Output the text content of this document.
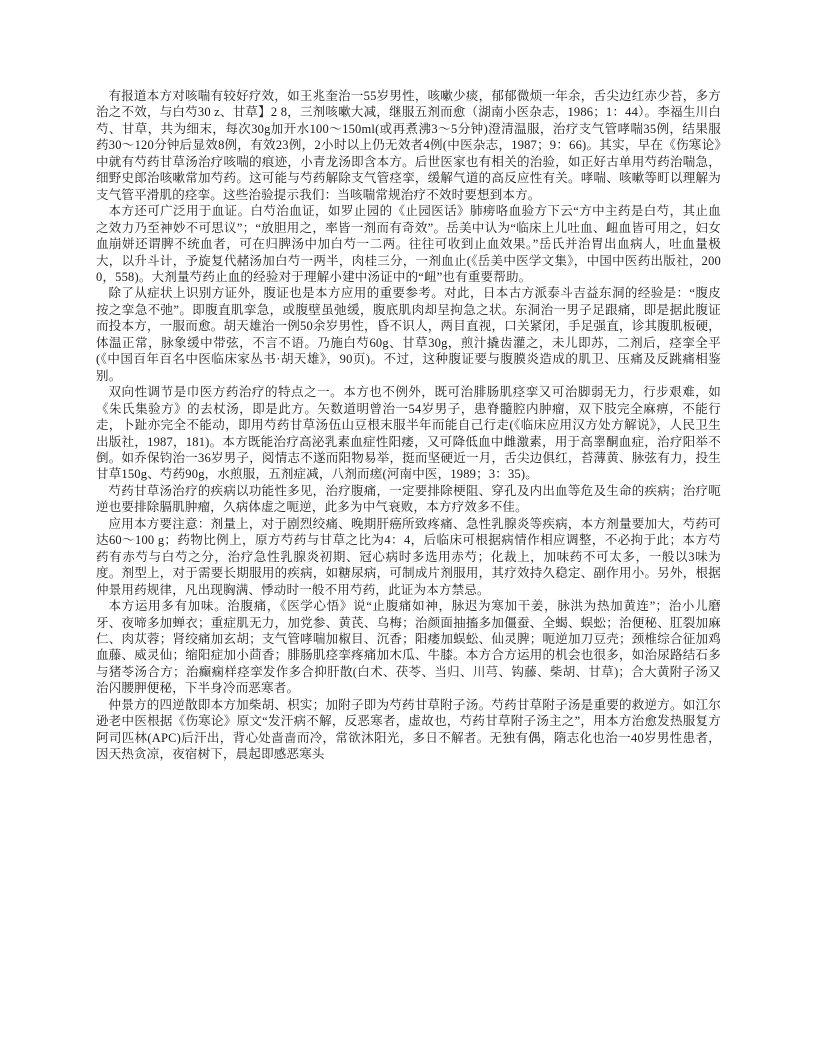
有报道本方对咳喘有较好疗效，如王兆奎治一55岁男性，咳嗽少痰，郁郁微烦一年余，舌尖边红赤少苔，多方治之不效，与白芍30 z、甘草】2 8，三剂咳嗽大减，继服五剂而愈（湖南小医杂志，1986；1：44）。李福生川白芍、甘草，共为细末，每次30g加开水100～150ml(或再煮沸3～5分钟)澄清温服，治疗支气管哮喘35例，结果服药30～120分钟后显效8例，有效23例，2小时以上仍无效者4例(中医杂志，1987；9：66)。其实，早在《伤寒论》中就有芍药甘草汤治疗咳喘的痕迹，小青龙汤即含本方。后世医家也有相关的治验，如正好古单用芍药治喘急，细野史郎治咳嗽常加芍药。这可能与芍药解除支气管痉挛，缓解气道的高反应性有关。哮喘、咳嗽等町以理解为支气管平滑肌的痉挛。这些治验提示我们：当咳喘常规治疗不效时要想到本方。

本方还可广泛用于血证。白芍治血证，如罗止园的《止园医话》肺痨咯血验方下云“方中主药是白芍，其止血之效力乃至神妙不可思议”；“放胆用之，率皆一剂而有奇效”。岳美中认为“临床上儿吐血、衄血皆可用之，妇女血崩姘还谓脾不统血者，可在归脾汤中加白芍一二两。往往可收到止血效果。”岳氏并治胃出血病人，吐血量极大，以升斗计，予旋复代赭汤加白芍一两半，肉桂三分，一剂血止(《岳美中医学文集》，中国中医药出版社，2000，558)。大剂量芍药止血的经验对于理解小建中汤证中的“衄”也有重要帮助。

除了从症状上识别方证外，腹证也是本方应用的重要参考。对此，日本古方派泰斗吉益东洞的经验是：“腹皮按之挛急不弛”。即腹直肌挛急，或腹壁虽弛缓，腹底肌肉却呈拘急之状。东洞治一男子足跟痛，即是据此腹证而投本方，一服而愈。胡天雄治一例50余岁男性，昏不识人，两目直视，口关紧闭，手足强直，诊其腹肌板硬，体温正常，脉象缓中带弦，不言不语。乃施白芍60g、甘草30g，煎汁撬齿灌之，未儿即苏，二剂后，痉挛全平(《中国百年百名中医临床家丛书·胡天雄》，90页)。不过，这种腹证要与腹膜炎造成的肌卫、压痛及反跳痛相鉴别。

双向性调节是巾医方药治疗的特点之一。本方也不例外，既可治腓肠肌痉挛又可治脚弱无力，行步艰难，如《朱氏集验方》的去杖汤，即是此方。矢数道明曾治一54岁男子，患脊髓腔内肿瘤，双下肢完全麻痹，不能行走，卜趾亦完全不能动，即用芍药甘草汤伍山豆根末服半年而能自己行走(《临床应用汉方处方解说》，人民卫生出版社，1987，181)。本方既能治疗高泌乳素血症性阳痿，又可降低血中雌激素，用于高睾酮血症，治疗阳举不倒。如乔保钧治一36岁男子，阅情志不遂而阳物易举，挺而坚硬近一月，舌尖边俱红，苔薄黄、脉弦有力，投生甘草150g、芍药90g，水煎服，五剂症减，八剂而瘥(河南中医，1989；3：35)。

芍药甘草汤治疗的疾病以功能性多见，治疗腹痛，一定要排除梗阻、穿孔及内出血等危及生命的疾病；治疗呃逆也要排除膈肌肿瘤，久病体虚之呃逆，此多为中气衰败，本方疗效多不佳。

应用本方要注意：剂量上，对于剧烈绞痛、晚期肝癌所致疼痛、急性乳腺炎等疾病，本方剂量要加大，芍药可达60～100 g；药物比例上，原方芍药与甘草之比为4：4，后临床可根据病情作相应调整，不必拘于此；本方芍药有赤芍与白芍之分，治疗急性乳腺炎初期、冠心病时多选用赤芍；化裁上，加味药不可太多，一般以3味为度。剂型上，对于需要长期服用的疾病，如糖尿病，可制成片剂服用，其疗效持久稳定、副作用小。另外，根据仲景用药规律，凡出现胸满、悸动时一般不用芍药，此证为本方禁忌。

本方运用多有加味。治腹痛，《医学心悟》说“止腹痛如神，脉迟为寒加干姜，脉洪为热加黄连”；治小儿磨牙、夜啼多加蝉衣；重症肌无力，加党参、黄芪、乌梅；治颜面抽搐多加僵蚕、全蝎、蜈蚣；治便秘、肛裂加麻仁、肉苁蓉；肾绞痛加玄胡；支气管哮喘加椒目、沉香；阳痿加蜈蚣、仙灵脾；呃逆加刀豆壳；颈椎综合征加鸡血藤、威灵仙；缩阳症加小茴香；腓肠肌痉挛疼痛加木瓜、牛膝。本方合方运用的机会也很多，如治尿路结石多与猪苓汤合方；治癫痫样痉挛发作多合抑肝散(白术、茯苓、当归、川芎、钩藤、柴胡、甘草)；合大黄附子汤又治闪腰胛便秘，下半身冷而恶寒者。

仲景方的四逆散即本方加柴胡、枳实；加附子即为芍药甘草附子汤。芍药甘草附子汤是重要的救逆方。如江尔逊老中医根据《伤寒论》原文“发汗病不解，反恶寒者，虚故也，芍药甘草附子汤主之”，用本方治愈发热服复方阿司匹林(APC)后汗出，背心处啬啬而冷，常欲沐阳光，多日不解者。无独有偶，隋志化也治一40岁男性患者，因天热贪凉，夜宿树下，晨起即感恶寒头
